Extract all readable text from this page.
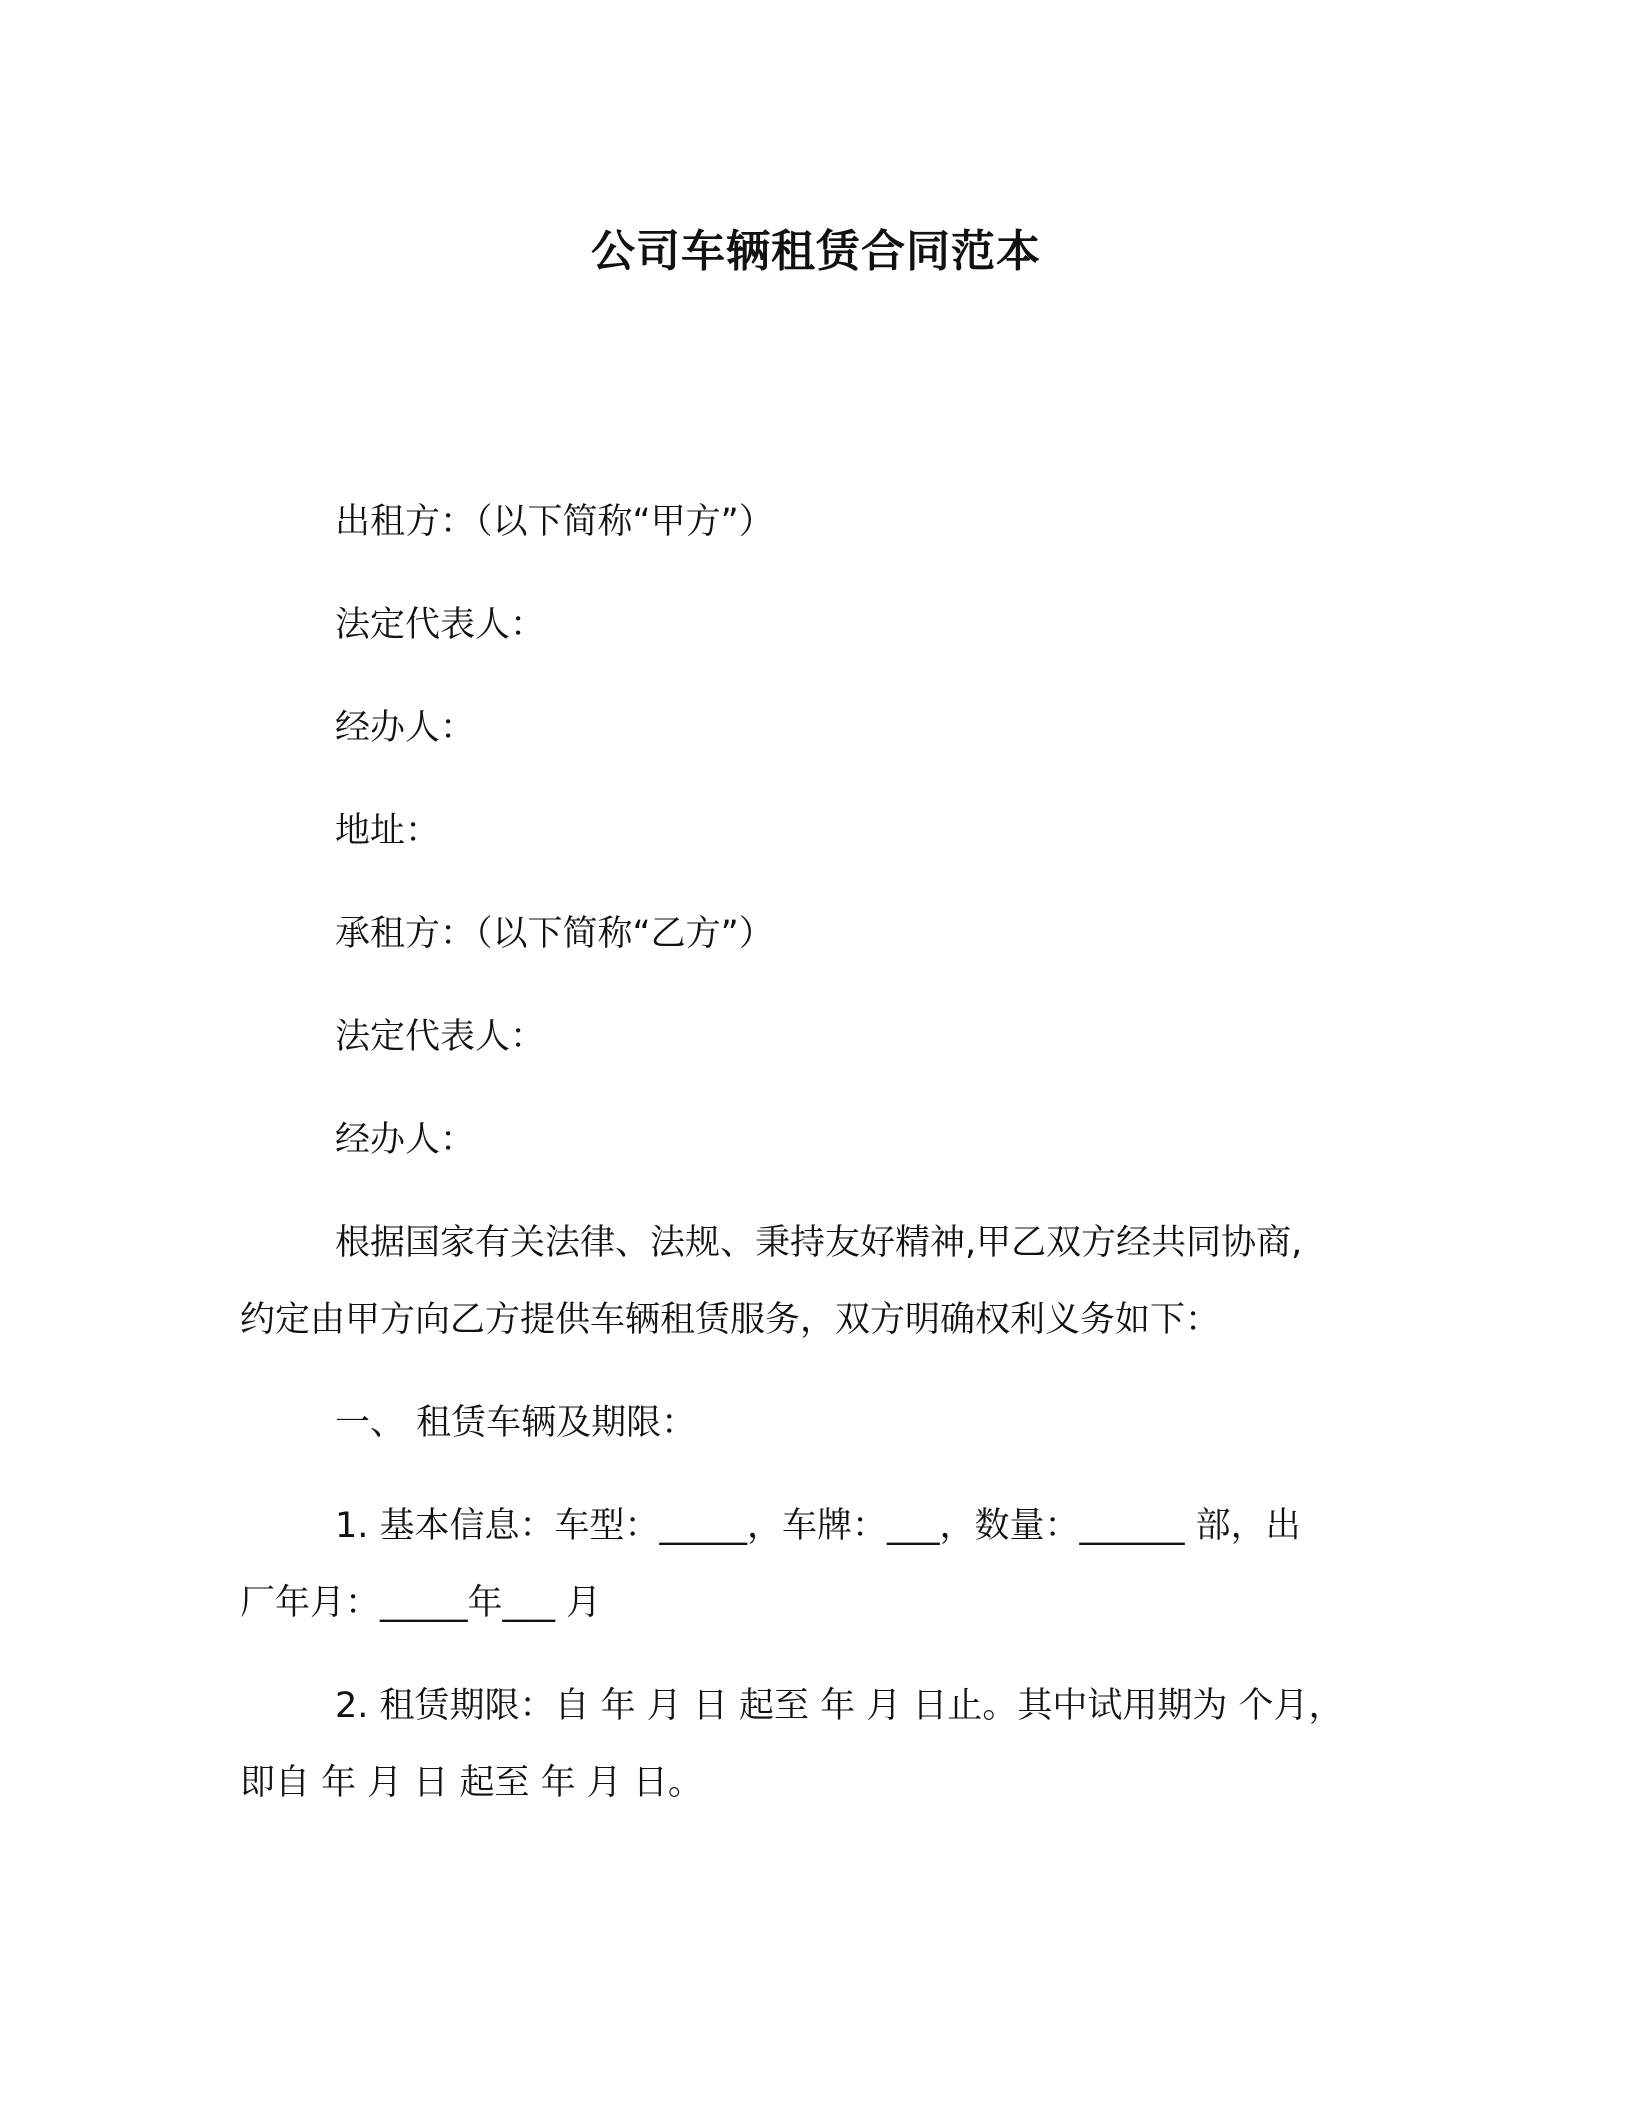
公司车辆租赁合同范本
出租方：（以下简称“甲方”）
法定代表人：
经办人：
地址：
承租方：（以下简称“乙方”）
法定代表人：
经办人：
根据国家有关法律、法规、秉持友好精神,甲乙双方经共同协商,
约定由甲方向乙方提供车辆租赁服务，双方明确权利义务如下：
一、 租赁车辆及期限：
1. 基本信息：车型：_____，车牌：___，数量：______ 部，出
厂年月：_____年___ 月
2. 租赁期限：自 年 月 日 起至 年 月 日止。其中试用期为 个月，
即自 年 月 日 起至 年 月 日。
